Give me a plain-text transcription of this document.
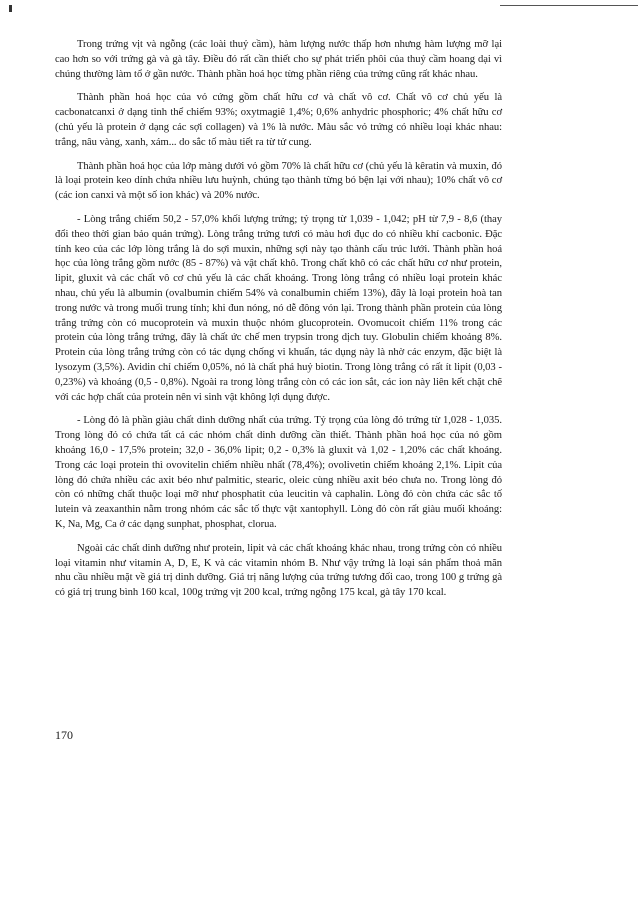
Trong trứng vịt và ngỗng (các loài thuỷ cầm), hàm lượng nước thấp hơn nhưng hàm lượng mỡ lại cao hơn so với trứng gà và gà tây. Điều đó rất cần thiết cho sự phát triển phôi của thuỷ cầm hoang dại vì chúng thường làm tổ ở gần nước. Thành phần hoá học từng phần riêng của trứng cũng rất khác nhau.

Thành phần hoá học của vỏ cứng gồm chất hữu cơ và chất vô cơ. Chất vô cơ chủ yếu là cacbonatcanxi ở dạng tinh thể chiếm 93%; oxytmagiê 1,4%; 0,6% anhydric phosphoric; 4% chất hữu cơ (chủ yếu là protein ở dạng các sợi collagen) và 1% là nước. Màu sắc vỏ trứng có nhiều loại khác nhau: trắng, nâu vàng, xanh, xám... do sắc tố màu tiết ra từ tử cung.

Thành phần hoá học của lớp màng dưới vỏ gồm 70% là chất hữu cơ (chủ yếu là kêratin và muxin, đó là loại protein keo dính chứa nhiều lưu huỳnh, chúng tạo thành từng bó bện lại với nhau); 10% chất vô cơ (các ion canxi và một số ion khác) và 20% nước.

- Lòng trắng chiếm 50,2 - 57,0% khối lượng trứng; tỷ trọng từ 1,039 - 1,042; pH từ 7,9 - 8,6 (thay đổi theo thời gian bảo quản trứng). Lòng trắng trứng tươi có màu hơi đục do có nhiều khí cacbonic. Đặc tính keo của các lớp lòng trắng là do sợi muxin, những sợi này tạo thành cấu trúc lưới. Thành phần hoá học của lòng trắng gồm nước (85 - 87%) và vật chất khô. Trong chất khô có các chất hữu cơ như protein, lipit, gluxit và các chất vô cơ chủ yếu là các chất khoáng. Trong lòng trắng có nhiều loại protein khác nhau, chủ yếu là albumin (ovalbumin chiếm 54% và conalbumin chiếm 13%), đây là loại protein hoà tan trong nước và trong muối trung tính; khi đun nóng, nó dễ đông vón lại. Trong thành phần protein của lòng trắng trứng còn có mucoprotein và muxin thuộc nhóm glucoprotein. Ovomucoit chiếm 11% trong các protein của lòng trắng trứng, đây là chất ức chế men trypsin trong dịch tuy. Globulin chiếm khoảng 8%. Protein của lòng trắng trứng còn có tác dụng chống vi khuẩn, tác dụng này là nhờ các enzym, đặc biệt là lysozym (3,5%). Avidin chỉ chiếm 0,05%, nó là chất phá huỷ biotin. Trong lòng trắng có rất ít lipit (0,03 - 0,23%) và khoáng (0,5 - 0,8%). Ngoài ra trong lòng trắng còn có các ion sắt, các ion này liên kết chặt chẽ với các hợp chất của protein nên vi sinh vật không lợi dụng được.

- Lòng đỏ là phần giàu chất dinh dưỡng nhất của trứng. Tỷ trọng của lòng đỏ trứng từ 1,028 - 1,035. Trong lòng đỏ có chứa tất cả các nhóm chất dinh dưỡng cần thiết. Thành phần hoá học của nó gồm khoảng 16,0 - 17,5% protein; 32,0 - 36,0% lipit; 0,2 - 0,3% là gluxit và 1,02 - 1,20% các chất khoáng. Trong các loại protein thì ovovitelin chiếm nhiều nhất (78,4%); ovolivetin chiếm khoảng 2,1%. Lipit của lòng đỏ chứa nhiều các axit béo như palmitic, stearic, oleic cùng nhiều axit béo chưa no. Trong lòng đỏ còn có những chất thuộc loại mỡ như phosphatit của leucitin và caphalin. Lòng đỏ còn chứa các sắc tố lutein và zeaxanthin nằm trong nhóm các sắc tố thực vật xantophyll. Lòng đỏ còn rất giàu muối khoáng: K, Na, Mg, Ca ở các dạng sunphat, phosphat, clorua.

Ngoài các chất dinh dưỡng như protein, lipit và các chất khoáng khác nhau, trong trứng còn có nhiều loại vitamin như vitamin A, D, E, K và các vitamin nhóm B. Như vậy trứng là loại sản phẩm thoả mãn nhu cầu nhiều mặt về giá trị dinh dưỡng. Giá trị năng lượng của trứng tương đối cao, trong 100 g trứng gà có giá trị trung bình 160 kcal, 100g trứng vịt 200 kcal, trứng ngỗng 175 kcal, gà tây 170 kcal.

170
